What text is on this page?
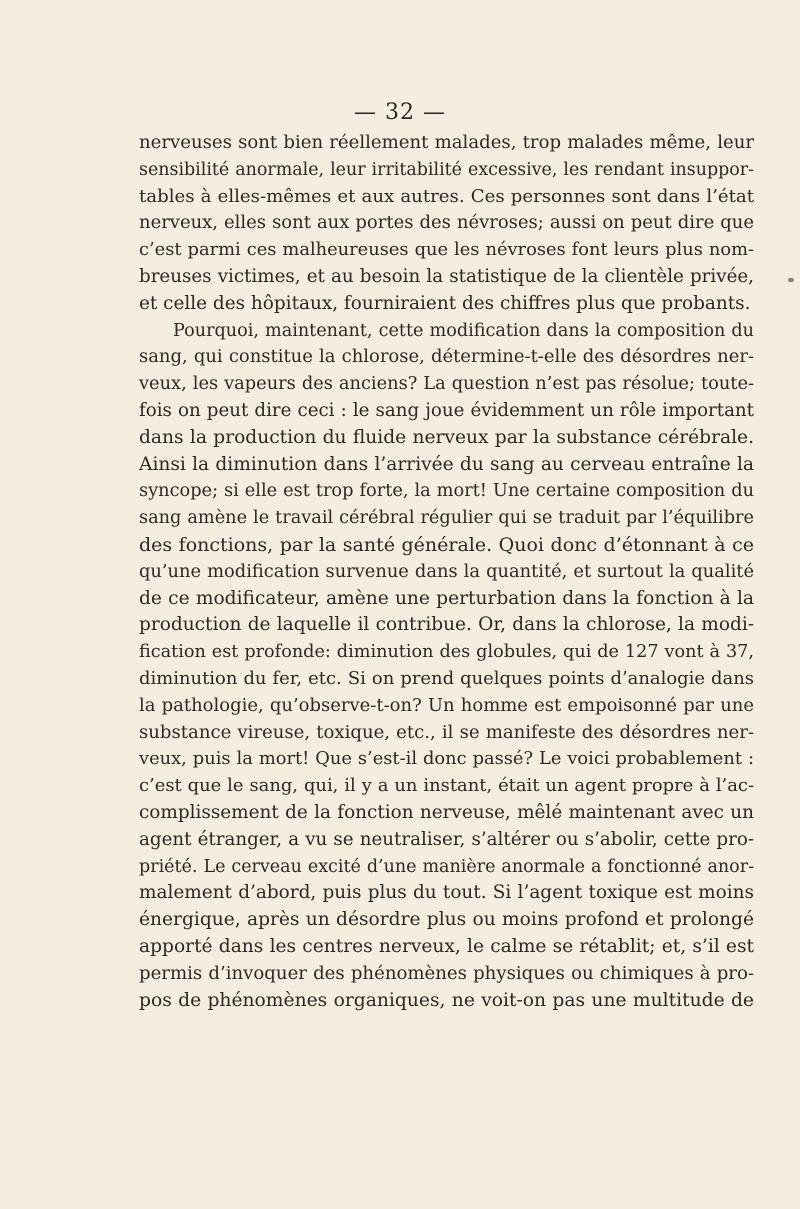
— 32 —
nerveuses sont bien réellement malades, trop malades même, leur
sensibilité anormale, leur irritabilité excessive, les rendant insuppor-
tables à elles-mêmes et aux autres. Ces personnes sont dans l’état
nerveux, elles sont aux portes des névroses; aussi on peut dire que
c’est parmi ces malheureuses que les névroses font leurs plus nom-
breuses victimes, et au besoin la statistique de la clientèle privée,
et celle des hôpitaux, fourniraient des chiffres plus que probants.
Pourquoi, maintenant, cette modification dans la composition du
sang, qui constitue la chlorose, détermine-t-elle des désordres ner-
veux, les vapeurs des anciens? La question n’est pas résolue; toute-
fois on peut dire ceci : le sang joue évidemment un rôle important
dans la production du fluide nerveux par la substance cérébrale.
Ainsi la diminution dans l’arrivée du sang au cerveau entraîne la
syncope; si elle est trop forte, la mort! Une certaine composition du
sang amène le travail cérébral régulier qui se traduit par l’équilibre
des fonctions, par la santé générale. Quoi donc d’étonnant à ce
qu’une modification survenue dans la quantité, et surtout la qualité
de ce modificateur, amène une perturbation dans la fonction à la
production de laquelle il contribue. Or, dans la chlorose, la modi-
fication est profonde: diminution des globules, qui de 127 vont à 37,
diminution du fer, etc. Si on prend quelques points d’analogie dans
la pathologie, qu’observe-t-on? Un homme est empoisonné par une
substance vireuse, toxique, etc., il se manifeste des désordres ner-
veux, puis la mort! Que s’est-il donc passé? Le voici probablement :
c’est que le sang, qui, il y a un instant, était un agent propre à l’ac-
complissement de la fonction nerveuse, mêlé maintenant avec un
agent étranger, a vu se neutraliser, s’altérer ou s’abolir, cette pro-
priété. Le cerveau excité d’une manière anormale a fonctionné anor-
malement d’abord, puis plus du tout. Si l’agent toxique est moins
énergique, après un désordre plus ou moins profond et prolongé
apporté dans les centres nerveux, le calme se rétablit; et, s’il est
permis d’invoquer des phénomènes physiques ou chimiques à pro-
pos de phénomènes organiques, ne voit-on pas une multitude de
